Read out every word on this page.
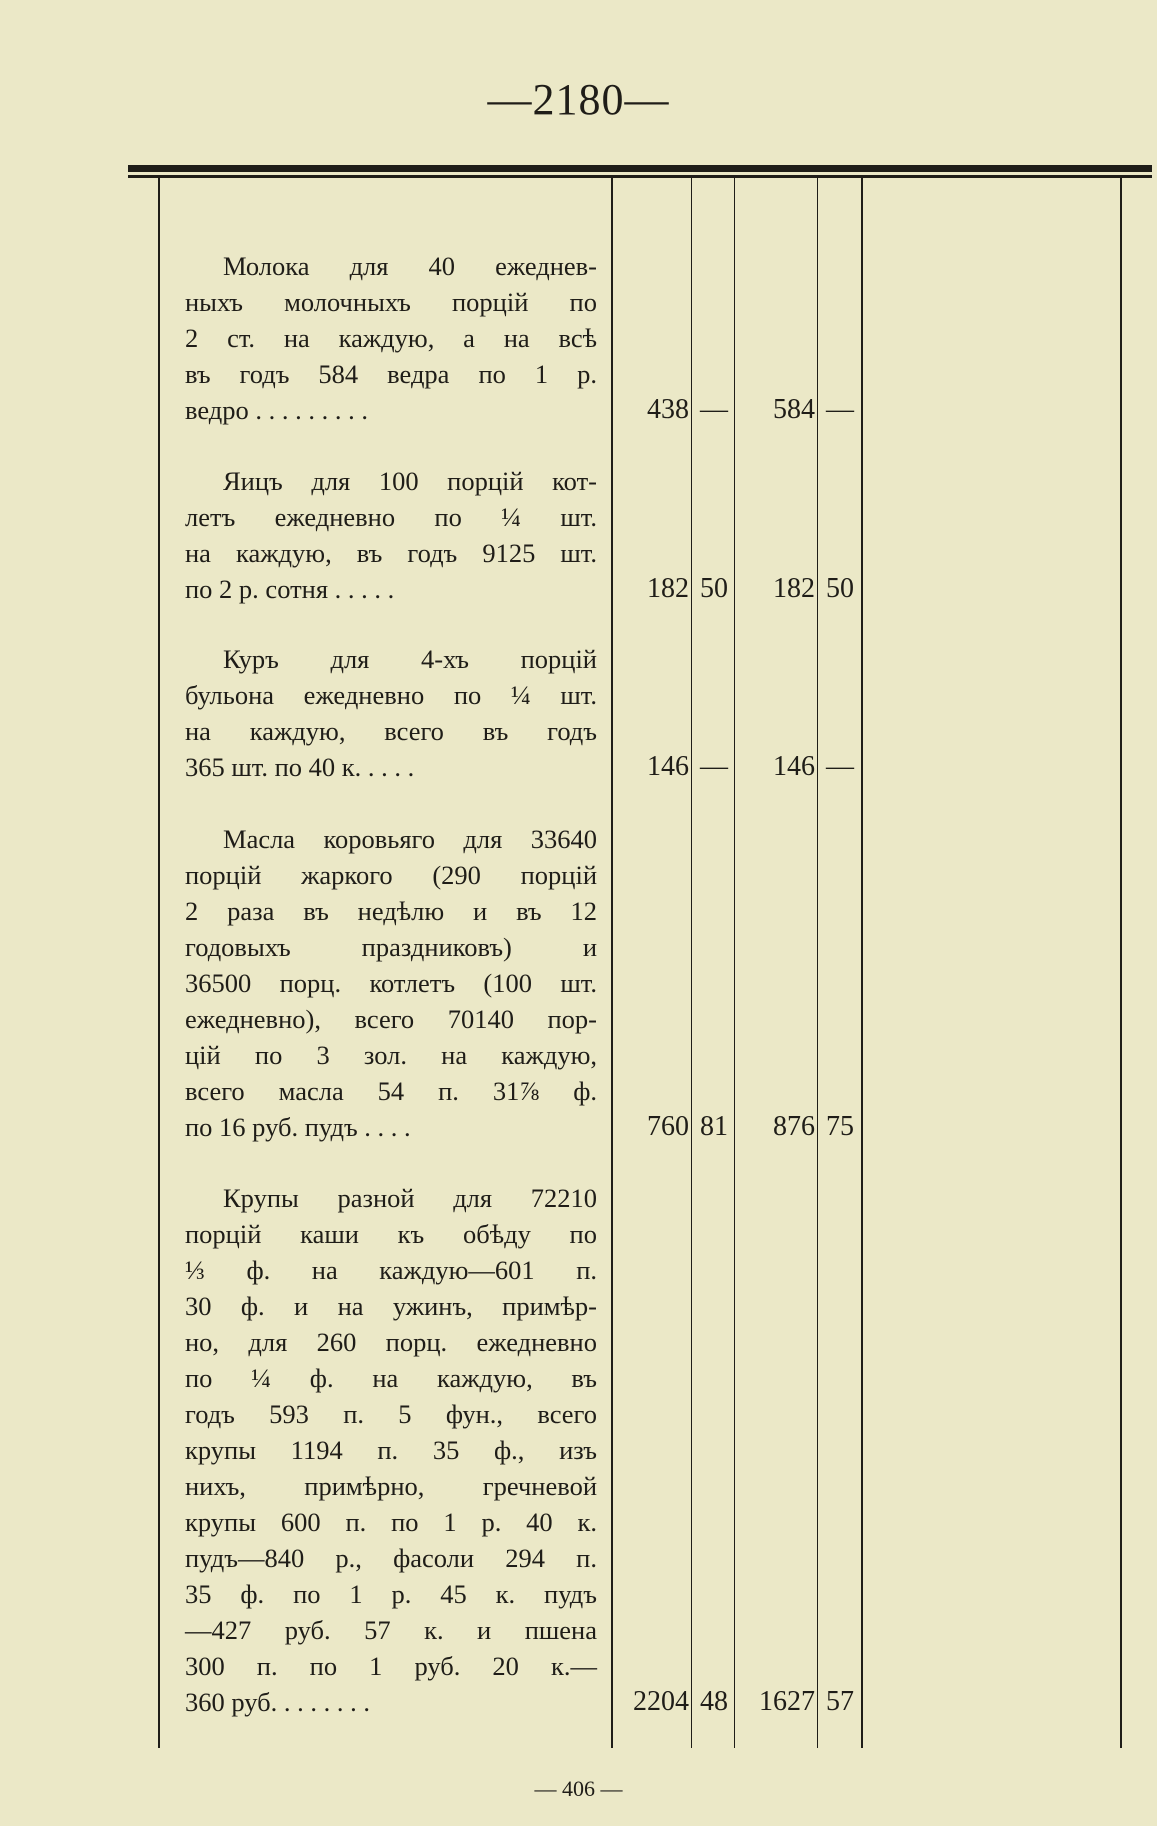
—2180—
Молока для 40 ежеднев-
ныхъ молочныхъ порцій по
2 ст. на каждую, а на всѣ
въ годъ 584 ведра по 1 р.
ведро . . . . . . . . .	438 —	584 —
Яицъ для 100 порцій кот-
летъ ежедневно по ¼ шт.
на каждую, въ годъ 9125 шт.
по 2 р. сотня . . . . .	182 50	182 50
Куръ для 4-хъ порцій
бульона ежедневно по ¼ шт.
на каждую, всего въ годъ
365 шт. по 40 к. . . . .	146 —	146 —
Масла коровьяго для 33640
порцій жаркого (290 порцій
2 раза въ недѣлю и въ 12
годовыхъ праздниковъ) и
36500 порц. котлетъ (100 шт.
ежедневно), всего 70140 пор-
цій по 3 зол. на каждую,
всего масла 54 п. 31⅞ ф.
по 16 руб. пудъ . . . .	760 81	876 75
Крупы разной для 72210
порцій каши къ обѣду по
⅓ ф. на каждую—601 п.
30 ф. и на ужинъ, примѣр-
но, для 260 порц. ежедневно
по ¼ ф. на каждую, въ
годъ 593 п. 5 фун., всего
крупы 1194 п. 35 ф., изъ
нихъ, примѣрно, гречневой
крупы 600 п. по 1 р. 40 к.
пудъ—840 р., фасоли 294 п.
35 ф. по 1 р. 45 к. пудъ
—427 руб. 57 к. и пшена
300 п. по 1 руб. 20 к.—
360 руб. . . . . . . .	2204 48	1627 57
— 406 —
